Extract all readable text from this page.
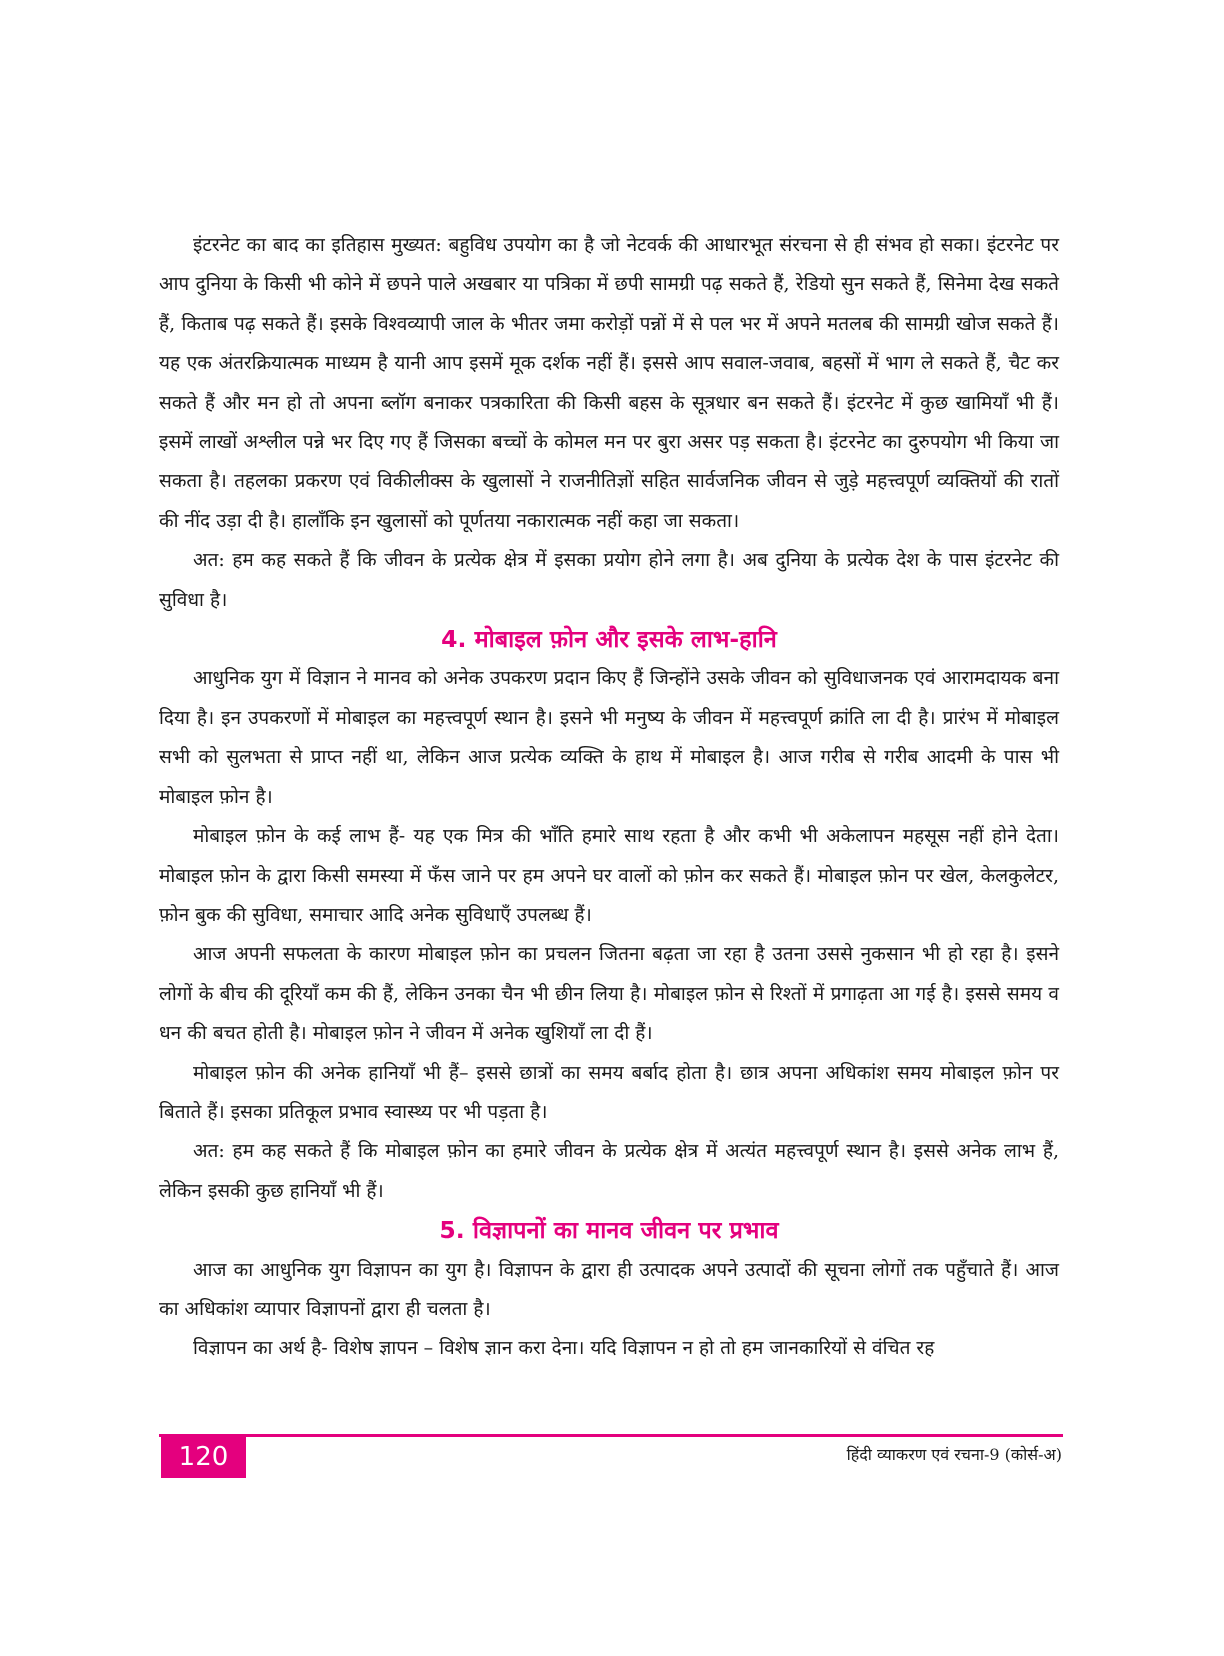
इंटरनेट का बाद का इतिहास मुख्यत: बहुविध उपयोग का है जो नेटवर्क की आधारभूत संरचना से ही संभव हो सका। इंटरनेट पर आप दुनिया के किसी भी कोने में छपने पाले अखबार या पत्रिका में छपी सामग्री पढ़ सकते हैं, रेडियो सुन सकते हैं, सिनेमा देख सकते हैं, किताब पढ़ सकते हैं। इसके विश्वव्यापी जाल के भीतर जमा करोड़ों पन्नों में से पल भर में अपने मतलब की सामग्री खोज सकते हैं। यह एक अंतरक्रियात्मक माध्यम है यानी आप इसमें मूक दर्शक नहीं हैं। इससे आप सवाल-जवाब, बहसों में भाग ले सकते हैं, चैट कर सकते हैं और मन हो तो अपना ब्लॉग बनाकर पत्रकारिता की किसी बहस के सूत्रधार बन सकते हैं। इंटरनेट में कुछ खामियाँ भी हैं। इसमें लाखों अश्लील पन्ने भर दिए गए हैं जिसका बच्चों के कोमल मन पर बुरा असर पड़ सकता है। इंटरनेट का दुरुपयोग भी किया जा सकता है। तहलका प्रकरण एवं विकीलीक्स के खुलासों ने राजनीतिज्ञों सहित सार्वजनिक जीवन से जुड़े महत्त्वपूर्ण व्यक्तियों की रातों की नींद उड़ा दी है। हालाँकि इन खुलासों को पूर्णतया नकारात्मक नहीं कहा जा सकता।

अत: हम कह सकते हैं कि जीवन के प्रत्येक क्षेत्र में इसका प्रयोग होने लगा है। अब दुनिया के प्रत्येक देश के पास इंटरनेट की सुविधा है।

4. मोबाइल फ़ोन और इसके लाभ-हानि

आधुनिक युग में विज्ञान ने मानव को अनेक उपकरण प्रदान किए हैं जिन्होंने उसके जीवन को सुविधाजनक एवं आरामदायक बना दिया है। इन उपकरणों में मोबाइल का महत्त्वपूर्ण स्थान है। इसने भी मनुष्य के जीवन में महत्त्वपूर्ण क्रांति ला दी है। प्रारंभ में मोबाइल सभी को सुलभता से प्राप्त नहीं था, लेकिन आज प्रत्येक व्यक्ति के हाथ में मोबाइल है। आज गरीब से गरीब आदमी के पास भी मोबाइल फ़ोन है।

मोबाइल फ़ोन के कई लाभ हैं- यह एक मित्र की भाँति हमारे साथ रहता है और कभी भी अकेलापन महसूस नहीं होने देता। मोबाइल फ़ोन के द्वारा किसी समस्या में फँस जाने पर हम अपने घर वालों को फ़ोन कर सकते हैं। मोबाइल फ़ोन पर खेल, केलकुलेटर, फ़ोन बुक की सुविधा, समाचार आदि अनेक सुविधाएँ उपलब्ध हैं।

आज अपनी सफलता के कारण मोबाइल फ़ोन का प्रचलन जितना बढ़ता जा रहा है उतना उससे नुकसान भी हो रहा है। इसने लोगों के बीच की दूरियाँ कम की हैं, लेकिन उनका चैन भी छीन लिया है। मोबाइल फ़ोन से रिश्तों में प्रगाढ़ता आ गई है। इससे समय व धन की बचत होती है। मोबाइल फ़ोन ने जीवन में अनेक खुशियाँ ला दी हैं।

मोबाइल फ़ोन की अनेक हानियाँ भी हैं– इससे छात्रों का समय बर्बाद होता है। छात्र अपना अधिकांश समय मोबाइल फ़ोन पर बिताते हैं। इसका प्रतिकूल प्रभाव स्वास्थ्य पर भी पड़ता है।

अत: हम कह सकते हैं कि मोबाइल फ़ोन का हमारे जीवन के प्रत्येक क्षेत्र में अत्यंत महत्त्वपूर्ण स्थान है। इससे अनेक लाभ हैं, लेकिन इसकी कुछ हानियाँ भी हैं।

5. विज्ञापनों का मानव जीवन पर प्रभाव

आज का आधुनिक युग विज्ञापन का युग है। विज्ञापन के द्वारा ही उत्पादक अपने उत्पादों की सूचना लोगों तक पहुँचाते हैं। आज का अधिकांश व्यापार विज्ञापनों द्वारा ही चलता है।

विज्ञापन का अर्थ है- विशेष ज्ञापन – विशेष ज्ञान करा देना। यदि विज्ञापन न हो तो हम जानकारियों से वंचित रह

120	हिंदी व्याकरण एवं रचना-9 (कोर्स-अ)
